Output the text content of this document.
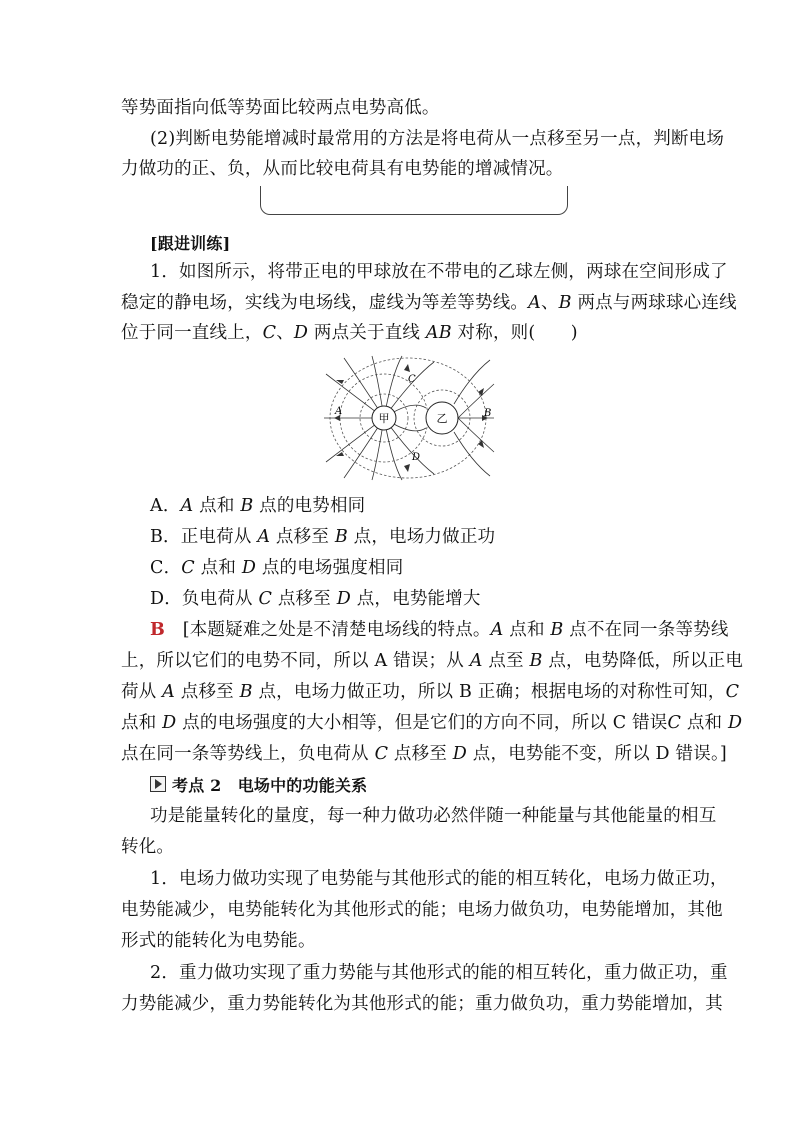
等势面指向低等势面比较两点电势高低。
(2)判断电势能增减时最常用的方法是将电荷从一点移至另一点，判断电场
力做功的正、负，从而比较电荷具有电势能的增减情况。
[跟进训练]
1．如图所示，将带正电的甲球放在不带电的乙球左侧，两球在空间形成了
稳定的静电场，实线为电场线，虚线为等差等势线。A、B 两点与两球球心连线
位于同一直线上，C、D 两点关于直线 AB 对称，则(　　)
甲	乙
A	B
C
D
A．A 点和 B 点的电势相同
B．正电荷从 A 点移至 B 点，电场力做正功
C．C 点和 D 点的电场强度相同
D．负电荷从 C 点移至 D 点，电势能增大
B　[本题疑难之处是不清楚电场线的特点。A 点和 B 点不在同一条等势线
上，所以它们的电势不同，所以 A 错误；从 A 点至 B 点，电势降低，所以正电
荷从 A 点移至 B 点，电场力做正功，所以 B 正确；根据电场的对称性可知，C
点和 D 点的电场强度的大小相等，但是它们的方向不同，所以 C 错误C 点和 D
点在同一条等势线上，负电荷从 C 点移至 D 点，电势能不变，所以 D 错误。]
考点 2　电场中的功能关系
功是能量转化的量度，每一种力做功必然伴随一种能量与其他能量的相互
转化。
1．电场力做功实现了电势能与其他形式的能的相互转化，电场力做正功，
电势能减少，电势能转化为其他形式的能；电场力做负功，电势能增加，其他
形式的能转化为电势能。
2．重力做功实现了重力势能与其他形式的能的相互转化，重力做正功，重
力势能减少，重力势能转化为其他形式的能；重力做负功，重力势能增加，其
